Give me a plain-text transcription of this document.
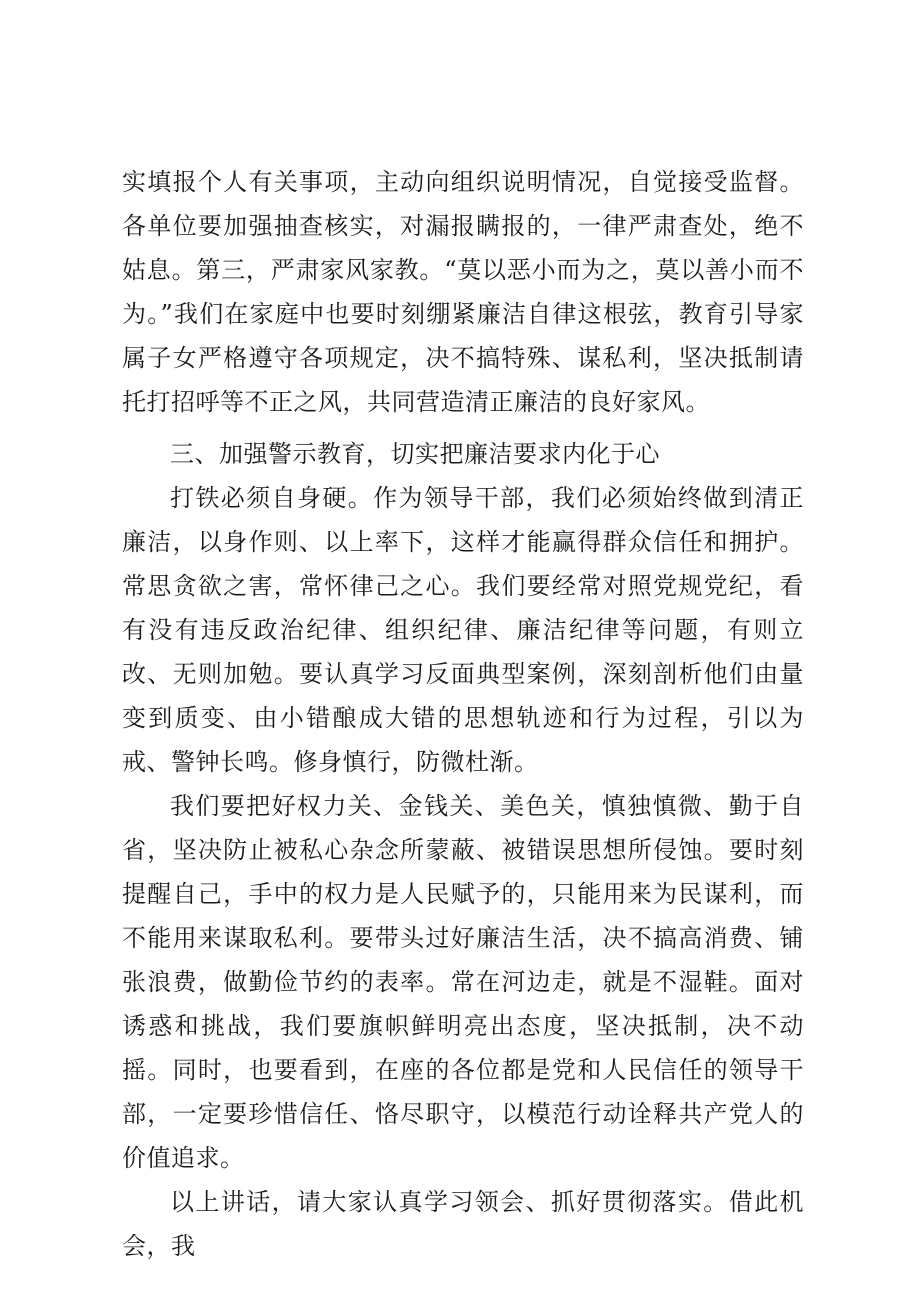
实填报个人有关事项，主动向组织说明情况，自觉接受监督。各单位要加强抽查核实，对漏报瞒报的，一律严肃查处，绝不姑息。第三，严肃家风家教。“莫以恶小而为之，莫以善小而不为。”我们在家庭中也要时刻绷紧廉洁自律这根弦，教育引导家属子女严格遵守各项规定，决不搞特殊、谋私利，坚决抵制请托打招呼等不正之风，共同营造清正廉洁的良好家风。

三、加强警示教育，切实把廉洁要求内化于心

打铁必须自身硬。作为领导干部，我们必须始终做到清正廉洁，以身作则、以上率下，这样才能赢得群众信任和拥护。常思贪欲之害，常怀律己之心。我们要经常对照党规党纪，看有没有违反政治纪律、组织纪律、廉洁纪律等问题，有则立改、无则加勉。要认真学习反面典型案例，深刻剖析他们由量变到质变、由小错酿成大错的思想轨迹和行为过程，引以为戒、警钟长鸣。修身慎行，防微杜渐。

我们要把好权力关、金钱关、美色关，慎独慎微、勤于自省，坚决防止被私心杂念所蒙蔽、被错误思想所侵蚀。要时刻提醒自己，手中的权力是人民赋予的，只能用来为民谋利，而不能用来谋取私利。要带头过好廉洁生活，决不搞高消费、铺张浪费，做勤俭节约的表率。常在河边走，就是不湿鞋。面对诱惑和挑战，我们要旗帜鲜明亮出态度，坚决抵制，决不动摇。同时，也要看到，在座的各位都是党和人民信任的领导干部，一定要珍惜信任、恪尽职守，以模范行动诠释共产党人的价值追求。

以上讲话，请大家认真学习领会、抓好贯彻落实。借此机会，我
